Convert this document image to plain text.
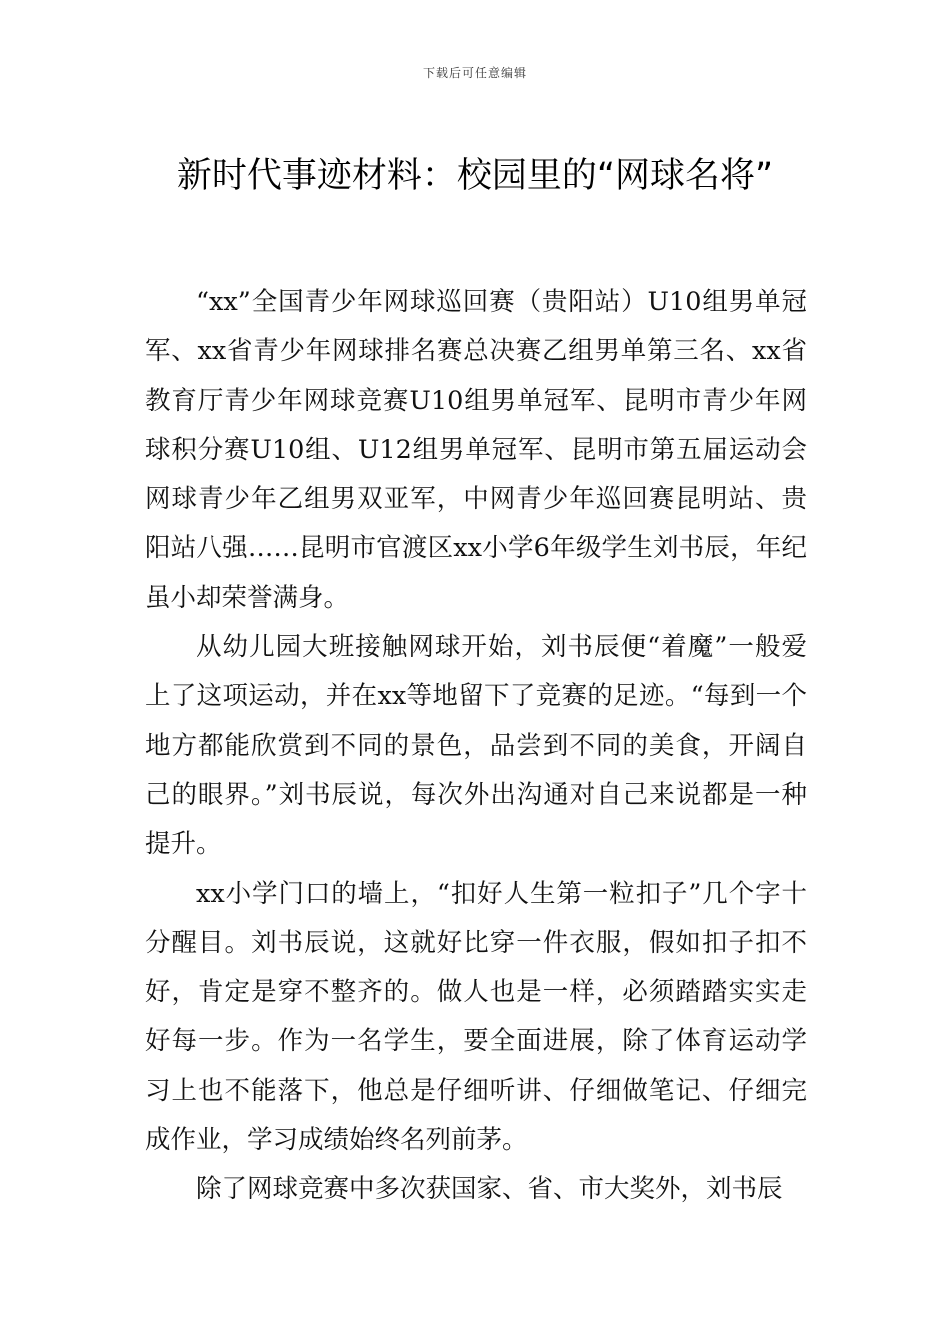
下载后可任意编辑
新时代事迹材料：校园里的“网球名将”

“xx”全国青少年网球巡回赛（贵阳站）U10组男单冠军、xx省青少年网球排名赛总决赛乙组男单第三名、xx省教育厅青少年网球竞赛U10组男单冠军、昆明市青少年网球积分赛U10组、U12组男单冠军、昆明市第五届运动会网球青少年乙组男双亚军，中网青少年巡回赛昆明站、贵阳站八强……昆明市官渡区xx小学6年级学生刘书辰，年纪虽小却荣誉满身。

从幼儿园大班接触网球开始，刘书辰便“着魔”一般爱上了这项运动，并在xx等地留下了竞赛的足迹。“每到一个地方都能欣赏到不同的景色，品尝到不同的美食，开阔自己的眼界。”刘书辰说，每次外出沟通对自己来说都是一种提升。

xx小学门口的墙上，“扣好人生第一粒扣子”几个字十分醒目。刘书辰说，这就好比穿一件衣服，假如扣子扣不好，肯定是穿不整齐的。做人也是一样，必须踏踏实实走好每一步。作为一名学生，要全面进展，除了体育运动学习上也不能落下，他总是仔细听讲、仔细做笔记、仔细完成作业，学习成绩始终名列前茅。

除了网球竞赛中多次获国家、省、市大奖外，刘书辰
